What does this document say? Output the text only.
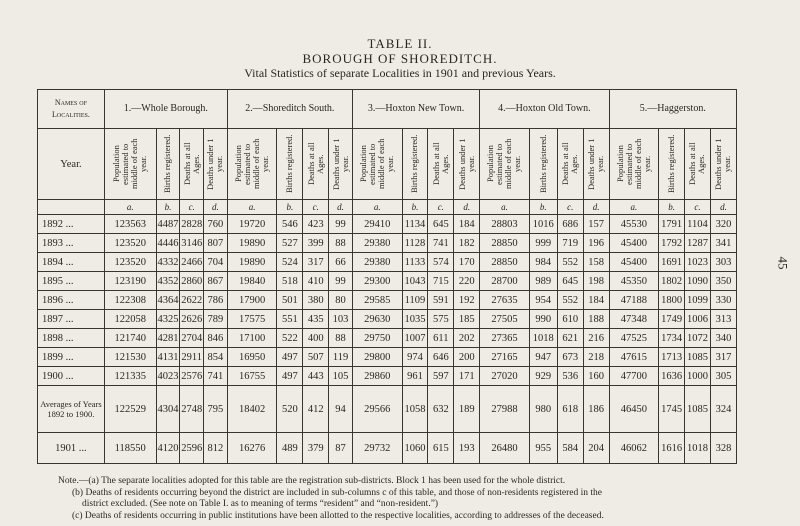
TABLE II.
BOROUGH OF SHOREDITCH.
Vital Statistics of separate Localities in 1901 and previous Years.
45
Names of Localities.	1.—Whole Borough.				2.—Shoreditch South.				3.—Hoxton New Town.				4.—Hoxton Old Town.				5.—Haggerston.			
Year.	Population estimated to middle of each year.	Births registered.	Deaths at all Ages.	Deaths under 1 year.	Population estimated to middle of each year.	Births registered.	Deaths at all Ages.	Deaths under 1 year.	Population estimated to middle of each year.	Births registered.	Deaths at all Ages.	Deaths under 1 year.	Population estimated to middle of each year.	Births registered.	Deaths at all Ages.	Deaths under 1 year.	Population estimated to middle of each year.	Births registered.	Deaths at all Ages.	Deaths under 1 year.

	a.	b.	c.	d.	a.	b.	c.	d.	a.	b.	c.	d.	a.	b.	c.	d.	a.	b.	c.	d.
1892 ...	123563	4487	2828	760	19720	546	423	99	29410	1134	645	184	28803	1016	686	157	45530	1791	1104	320
1893 ...	123520	4446	3146	807	19890	527	399	88	29380	1128	741	182	28850	999	719	196	45400	1792	1287	341
1894 ...	123520	4332	2466	704	19890	524	317	66	29380	1133	574	170	28850	984	552	158	45400	1691	1023	303
1895 ...	123190	4352	2860	867	19840	518	410	99	29300	1043	715	220	28700	989	645	198	45350	1802	1090	350
1896 ...	122308	4364	2622	786	17900	501	380	80	29585	1109	591	192	27635	954	552	184	47188	1800	1099	330
1897 ...	122058	4325	2626	789	17575	551	435	103	29630	1035	575	185	27505	990	610	188	47348	1749	1006	313
1898 ...	121740	4281	2704	846	17100	522	400	88	29750	1007	611	202	27365	1018	621	216	47525	1734	1072	340
1899 ...	121530	4131	2911	854	16950	497	507	119	29800	974	646	200	27165	947	673	218	47615	1713	1085	317
1900 ...	121335	4023	2576	741	16755	497	443	105	29860	961	597	171	27020	929	536	160	47700	1636	1000	305
Averages of Years 1892 to 1900.	122529	4304	2748	795	18402	520	412	94	29566	1058	632	189	27988	980	618	186	46450	1745	1085	324
1901 ...	118550	4120	2596	812	16276	489	379	87	29732	1060	615	193	26480	955	584	204	46062	1616	1018	328
Note.—(a) The separate localities adopted for this table are the registration sub-districts. Block 1 has been used for the whole district.
(b) Deaths of residents occurring beyond the district are included in sub-columns c of this table, and those of non-residents registered in the
district excluded. (See note on Table I. as to meaning of terms “resident” and “non-resident.”)
(c) Deaths of residents occurring in public institutions have been allotted to the respective localities, according to addresses of the deceased.
